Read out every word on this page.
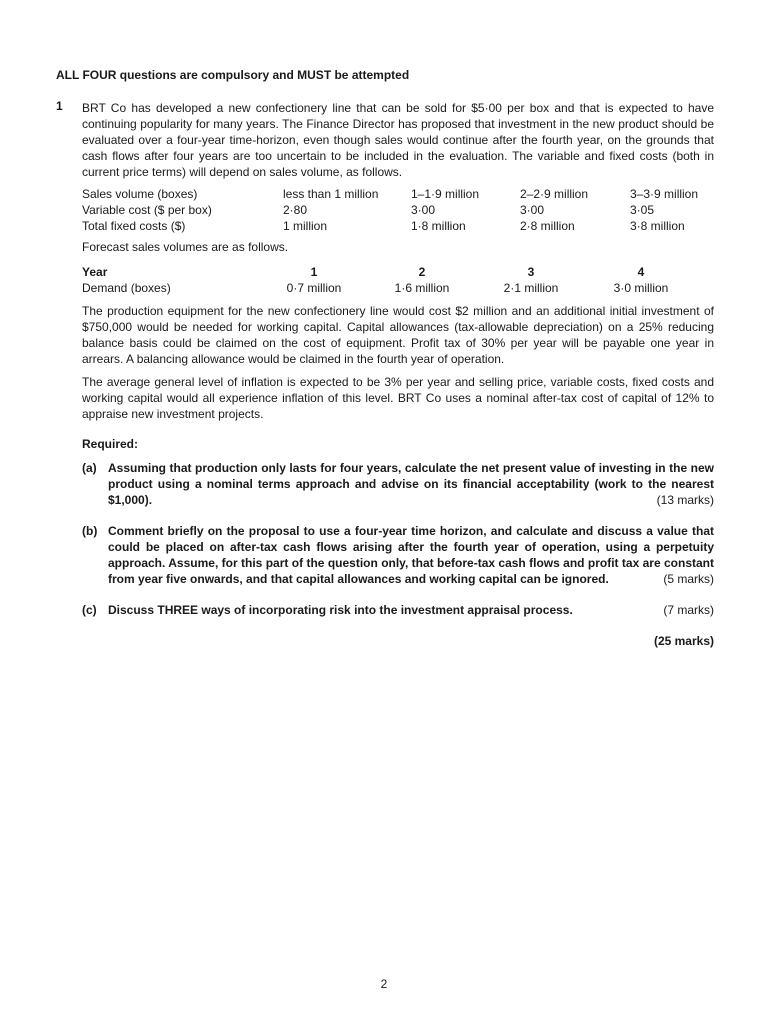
ALL FOUR questions are compulsory and MUST be attempted
1 BRT Co has developed a new confectionery line that can be sold for $5·00 per box and that is expected to have continuing popularity for many years. The Finance Director has proposed that investment in the new product should be evaluated over a four-year time-horizon, even though sales would continue after the fourth year, on the grounds that cash flows after four years are too uncertain to be included in the evaluation. The variable and fixed costs (both in current price terms) will depend on sales volume, as follows.
Sales volume (boxes)	less than 1 million	1–1·9 million	2–2·9 million	3–3·9 million
Variable cost ($ per box)	2·80	3·00	3·00	3·05
Total fixed costs ($)	1 million	1·8 million	2·8 million	3·8 million
Forecast sales volumes are as follows.
Year	1	2	3	4
Demand (boxes)	0·7 million	1·6 million	2·1 million	3·0 million
The production equipment for the new confectionery line would cost $2 million and an additional initial investment of $750,000 would be needed for working capital. Capital allowances (tax-allowable depreciation) on a 25% reducing balance basis could be claimed on the cost of equipment. Profit tax of 30% per year will be payable one year in arrears. A balancing allowance would be claimed in the fourth year of operation.
The average general level of inflation is expected to be 3% per year and selling price, variable costs, fixed costs and working capital would all experience inflation of this level. BRT Co uses a nominal after-tax cost of capital of 12% to appraise new investment projects.
Required:
(a) Assuming that production only lasts for four years, calculate the net present value of investing in the new product using a nominal terms approach and advise on its financial acceptability (work to the nearest $1,000).	(13 marks)
(b) Comment briefly on the proposal to use a four-year time horizon, and calculate and discuss a value that could be placed on after-tax cash flows arising after the fourth year of operation, using a perpetuity approach. Assume, for this part of the question only, that before-tax cash flows and profit tax are constant from year five onwards, and that capital allowances and working capital can be ignored.	(5 marks)
(c) Discuss THREE ways of incorporating risk into the investment appraisal process.	(7 marks)
(25 marks)
2
